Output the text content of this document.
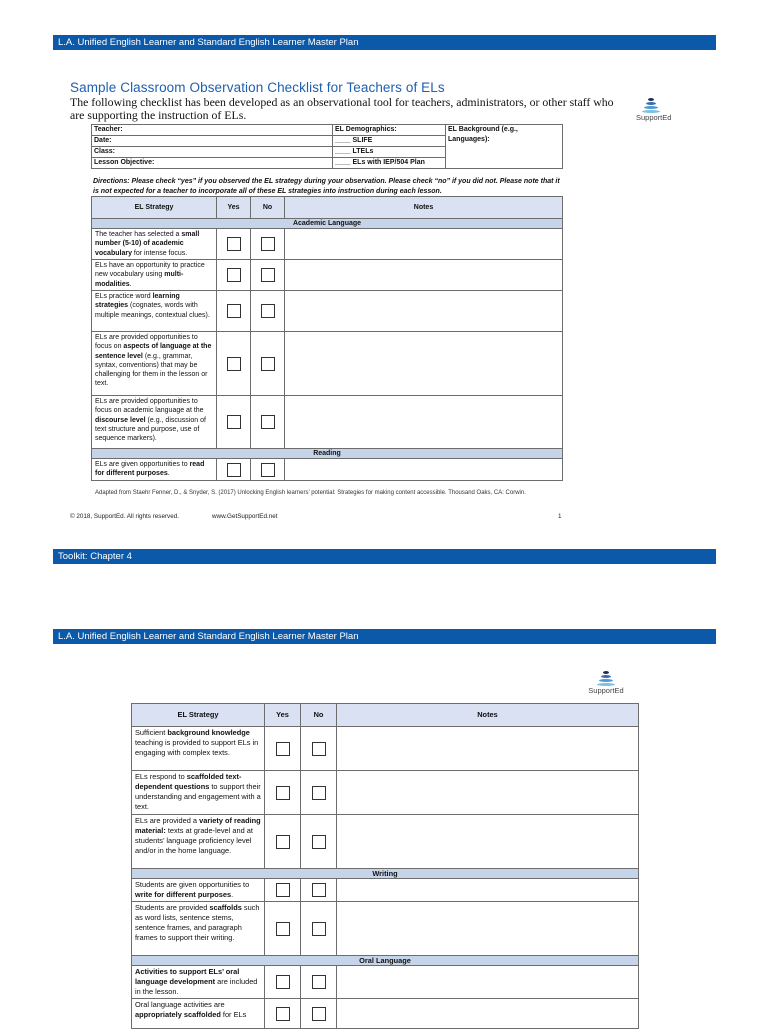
L.A. Unified English Learner and Standard English Learner Master Plan
Sample Classroom Observation Checklist for Teachers of ELs
The following checklist has been developed as an observational tool for teachers, administrators, or other staff who are supporting the instruction of ELs.	SupportEd
Teacher:	EL Demographics:	EL Background (e.g., Languages):
Date:	____ SLIFE	
Class:	____ LTELs	
Lesson Objective:	____ ELs with IEP/504 Plan	
Directions: Please check “yes” if you observed the EL strategy during your observation. Please check “no” if you did not. Please note that it is not expected for a teacher to incorporate all of these EL strategies into instruction during each lesson.
EL Strategy	Yes	No	Notes
Academic Language			
The teacher has selected a small number (5-10) of academic vocabulary for intense focus.			
ELs have an opportunity to practice new vocabulary using multi-modalities.			
ELs practice word learning strategies (cognates, words with multiple meanings, contextual clues).			
ELs are provided opportunities to focus on aspects of language at the sentence level (e.g., grammar, syntax, conventions) that may be challenging for them in the lesson or text.			
ELs are provided opportunities to focus on academic language at the discourse level (e.g., discussion of text structure and purpose, use of sequence markers).			
Reading			
ELs are given opportunities to read for different purposes.			
Adapted from Staehr Fenner, D., & Snyder, S. (2017) Unlocking English learners’ potential: Strategies for making content accessible. Thousand Oaks, CA: Corwin.
© 2018, SupportEd. All rights reserved.	www.GetSupportEd.net	1
Toolkit: Chapter 4
L.A. Unified English Learner and Standard English Learner Master Plan
SupportEd
EL Strategy	Yes	No	Notes
Sufficient background knowledge teaching is provided to support ELs in engaging with complex texts.			
ELs respond to scaffolded text-dependent questions to support their understanding and engagement with a text.			
ELs are provided a variety of reading material: texts at grade-level and at students’ language proficiency level and/or in the home language.			
Writing			
Students are given opportunities to write for different purposes.			
Students are provided scaffolds such as word lists, sentence stems, sentence frames, and paragraph frames to support their writing.			
Oral Language			
Activities to support ELs’ oral language development are included in the lesson.			
Oral language activities are appropriately scaffolded for ELs			
